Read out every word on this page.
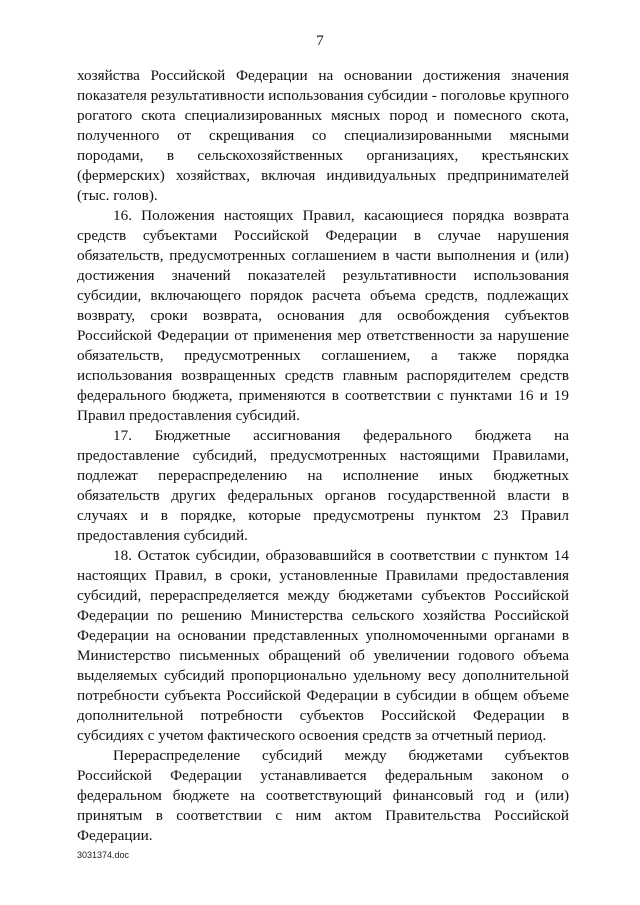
7

хозяйства Российской Федерации на основании достижения значения показателя результативности использования субсидии - поголовье крупного рогатого скота специализированных мясных пород и помесного скота, полученного от скрещивания со специализированными мясными породами, в сельскохозяйственных организациях, крестьянских (фермерских) хозяйствах, включая индивидуальных предпринимателей (тыс. голов).

16. Положения настоящих Правил, касающиеся порядка возврата средств субъектами Российской Федерации в случае нарушения обязательств, предусмотренных соглашением в части выполнения и (или) достижения значений показателей результативности использования субсидии, включающего порядок расчета объема средств, подлежащих возврату, сроки возврата, основания для освобождения субъектов Российской Федерации от применения мер ответственности за нарушение обязательств, предусмотренных соглашением, а также порядка использования возвращенных средств главным распорядителем средств федерального бюджета, применяются в соответствии с пунктами 16 и 19 Правил предоставления субсидий.

17. Бюджетные ассигнования федерального бюджета на предоставление субсидий, предусмотренных настоящими Правилами, подлежат перераспределению на исполнение иных бюджетных обязательств других федеральных органов государственной власти в случаях и в порядке, которые предусмотрены пунктом 23 Правил предоставления субсидий.

18. Остаток субсидии, образовавшийся в соответствии с пунктом 14 настоящих Правил, в сроки, установленные Правилами предоставления субсидий, перераспределяется между бюджетами субъектов Российской Федерации по решению Министерства сельского хозяйства Российской Федерации на основании представленных уполномоченными органами в Министерство письменных обращений об увеличении годового объема выделяемых субсидий пропорционально удельному весу дополнительной потребности субъекта Российской Федерации в субсидии в общем объеме дополнительной потребности субъектов Российской Федерации в субсидиях с учетом фактического освоения средств за отчетный период.

Перераспределение субсидий между бюджетами субъектов Российской Федерации устанавливается федеральным законом о федеральном бюджете на соответствующий финансовый год и (или) принятым в соответствии с ним актом Правительства Российской Федерации.

3031374.doc
